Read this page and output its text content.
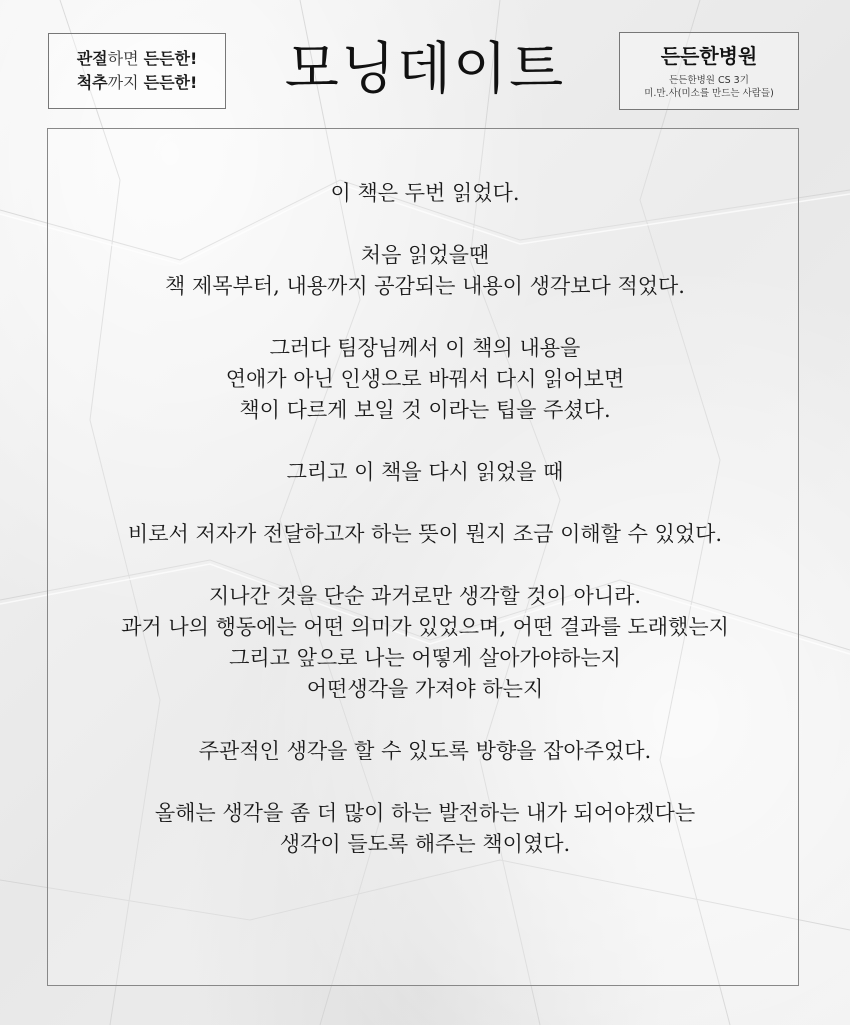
관절하면 든든한!
척추까지 든든한!	모닝데이트	든든한병원
든든한병원 CS 3기
미.만.사(미소를 만드는 사람들)

이 책은 두번 읽었다.

처음 읽었을땐
책 제목부터, 내용까지 공감되는 내용이 생각보다 적었다.

그러다 팀장님께서 이 책의 내용을
연애가 아닌 인생으로 바꿔서 다시 읽어보면
책이 다르게 보일 것 이라는 팁을 주셨다.

그리고 이 책을 다시 읽었을 때

비로서 저자가 전달하고자 하는 뜻이 뭔지 조금 이해할 수 있었다.

지나간 것을 단순 과거로만 생각할 것이 아니라.
과거 나의 행동에는 어떤 의미가 있었으며, 어떤 결과를 도래했는지
그리고 앞으로 나는 어떻게 살아가야하는지
어떤생각을 가져야 하는지

주관적인 생각을 할 수 있도록 방향을 잡아주었다.

올해는 생각을 좀 더 많이 하는 발전하는 내가 되어야겠다는
생각이 들도록 해주는 책이였다.
